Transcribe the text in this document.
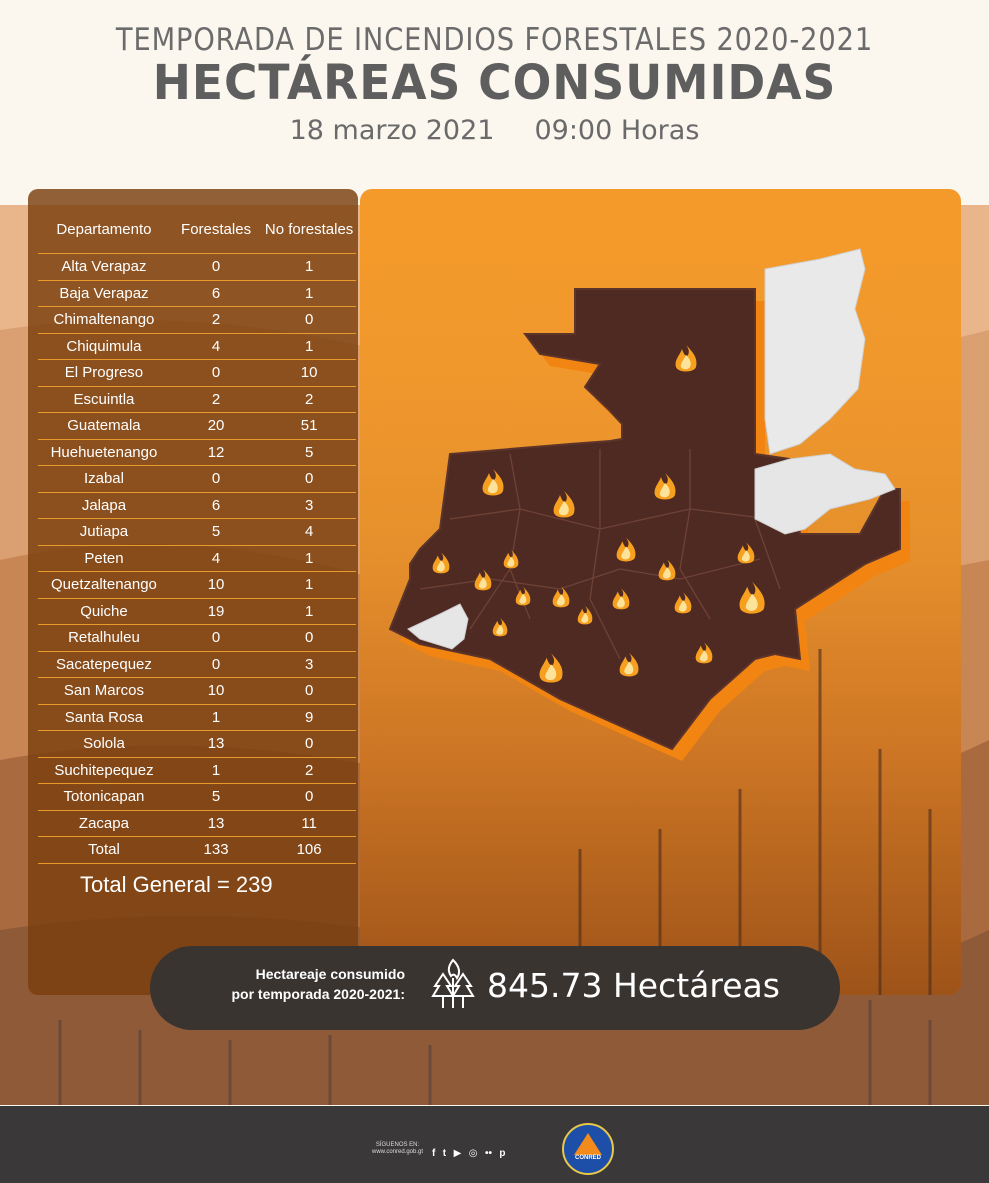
TEMPORADA DE INCENDIOS FORESTALES 2020-2021
HECTÁREAS CONSUMIDAS
18 marzo 2021 09:00 Horas
Departamento	Forestales	No forestales
Alta Verapaz	0	1
Baja Verapaz	6	1
Chimaltenango	2	0
Chiquimula	4	1
El Progreso	0	10
Escuintla	2	2
Guatemala	20	51
Huehuetenango	12	5
Izabal	0	0
Jalapa	6	3
Jutiapa	5	4
Peten	4	1
Quetzaltenango	10	1
Quiche	19	1
Retalhuleu	0	0
Sacatepequez	0	3
San Marcos	10	0
Santa Rosa	1	9
Solola	13	0
Suchitepequez	1	2
Totonicapan	5	0
Zacapa	13	11
Total	133	106
Total General = 239
Hectareaje consumido
por temporada 2020-2021: 845.73 Hectáreas
SÍGUENOS EN:
www.conred.gob.gt f t ▶ ◎ •• p	CONRED
